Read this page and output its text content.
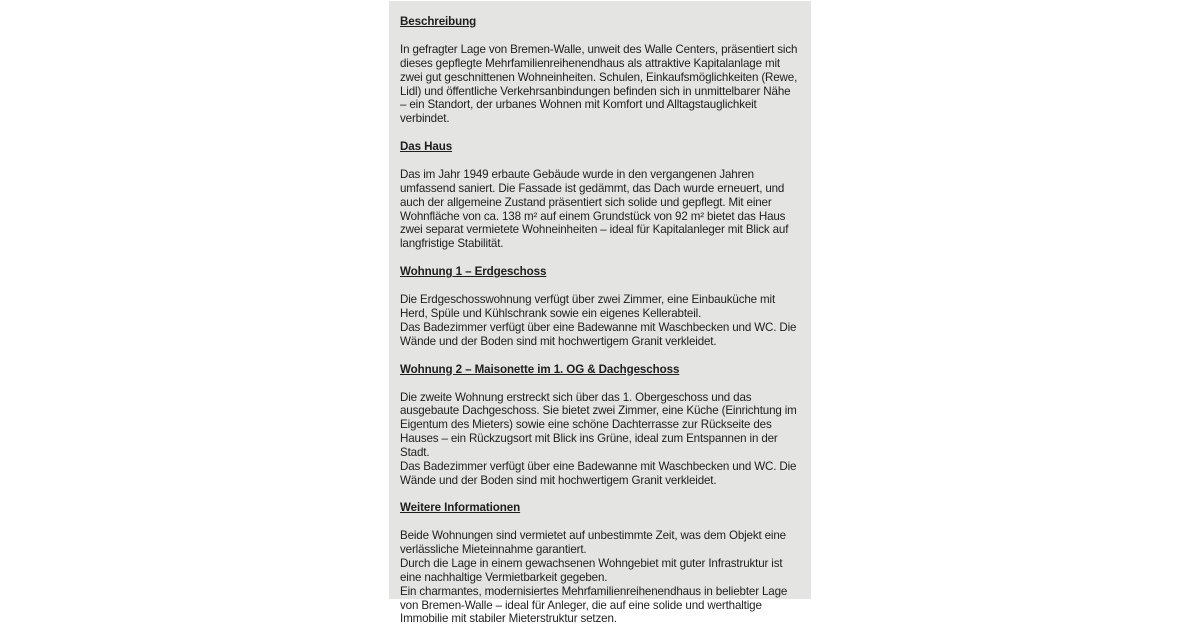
Beschreibung
In gefragter Lage von Bremen-Walle, unweit des Walle Centers, präsentiert sich dieses gepflegte Mehrfamilienreihenendhaus als attraktive Kapitalanlage mit zwei gut geschnittenen Wohneinheiten. Schulen, Einkaufsmöglichkeiten (Rewe, Lidl) und öffentliche Verkehrsanbindungen befinden sich in unmittelbarer Nähe – ein Standort, der urbanes Wohnen mit Komfort und Alltagstauglichkeit verbindet.
Das Haus
Das im Jahr 1949 erbaute Gebäude wurde in den vergangenen Jahren umfassend saniert. Die Fassade ist gedämmt, das Dach wurde erneuert, und auch der allgemeine Zustand präsentiert sich solide und gepflegt. Mit einer Wohnfläche von ca. 138 m² auf einem Grundstück von 92 m² bietet das Haus zwei separat vermietete Wohneinheiten – ideal für Kapitalanleger mit Blick auf langfristige Stabilität.
Wohnung 1 – Erdgeschoss
Die Erdgeschosswohnung verfügt über zwei Zimmer, eine Einbauküche mit Herd, Spüle und Kühlschrank sowie ein eigenes Kellerabteil.
Das Badezimmer verfügt über eine Badewanne mit Waschbecken und WC. Die Wände und der Boden sind mit hochwertigem Granit verkleidet.
Wohnung 2 – Maisonette im 1. OG & Dachgeschoss
Die zweite Wohnung erstreckt sich über das 1. Obergeschoss und das ausgebaute Dachgeschoss. Sie bietet zwei Zimmer, eine Küche (Einrichtung im Eigentum des Mieters) sowie eine schöne Dachterrasse zur Rückseite des Hauses – ein Rückzugsort mit Blick ins Grüne, ideal zum Entspannen in der Stadt.
Das Badezimmer verfügt über eine Badewanne mit Waschbecken und WC. Die Wände und der Boden sind mit hochwertigem Granit verkleidet.
Weitere Informationen
Beide Wohnungen sind vermietet auf unbestimmte Zeit, was dem Objekt eine verlässliche Mieteinnahme garantiert.
Durch die Lage in einem gewachsenen Wohngebiet mit guter Infrastruktur ist eine nachhaltige Vermietbarkeit gegeben.
Ein charmantes, modernisiertes Mehrfamilienreihenendhaus in beliebter Lage von Bremen-Walle – ideal für Anleger, die auf eine solide und werthaltige Immobilie mit stabiler Mieterstruktur setzen.
